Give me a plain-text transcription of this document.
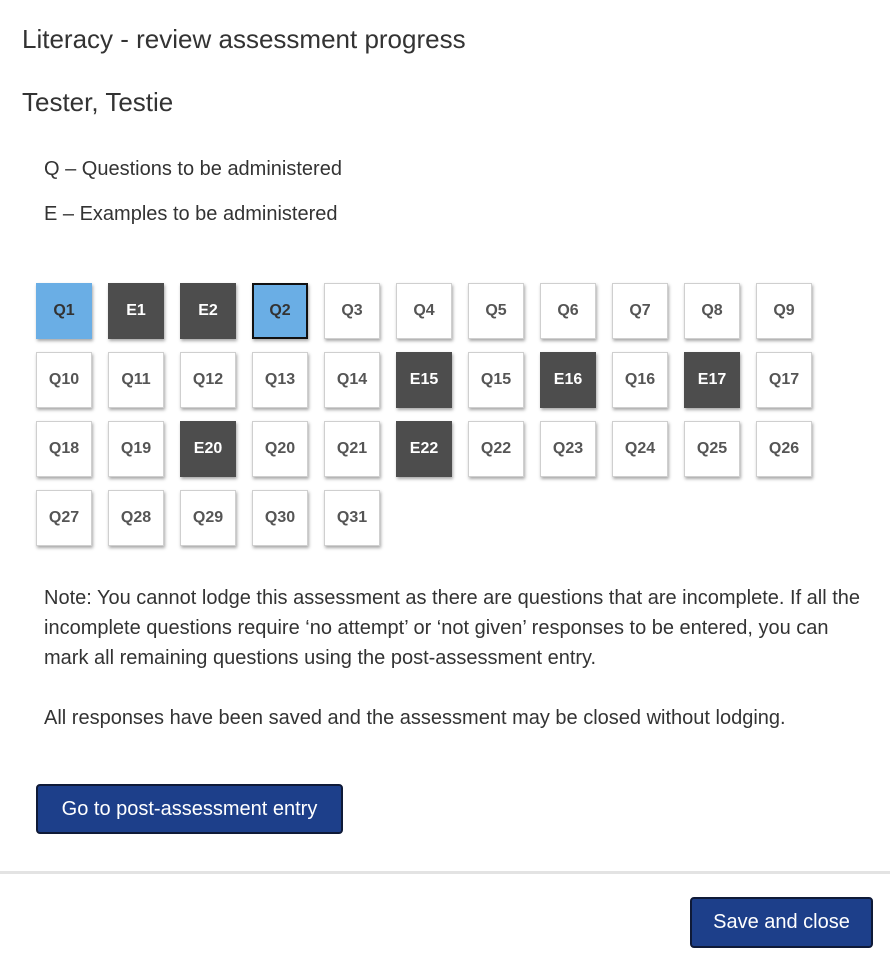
Literacy - review assessment progress
Tester, Testie

Q – Questions to be administered

E – Examples to be administered

Q1	E1	E2	Q2	Q3	Q4	Q5	Q6	Q7	Q8	Q9
Q10	Q11	Q12	Q13	Q14	E15	Q15	E16	Q16	E17	Q17
Q18	Q19	E20	Q20	Q21	E22	Q22	Q23	Q24	Q25	Q26
Q27	Q28	Q29	Q30	Q31

Note: You cannot lodge this assessment as there are questions that are incomplete. If all the incomplete questions require ‘no attempt’ or ‘not given’ responses to be entered, you can mark all remaining questions using the post-assessment entry.

All responses have been saved and the assessment may be closed without lodging.

Go to post-assessment entry
Save and close
